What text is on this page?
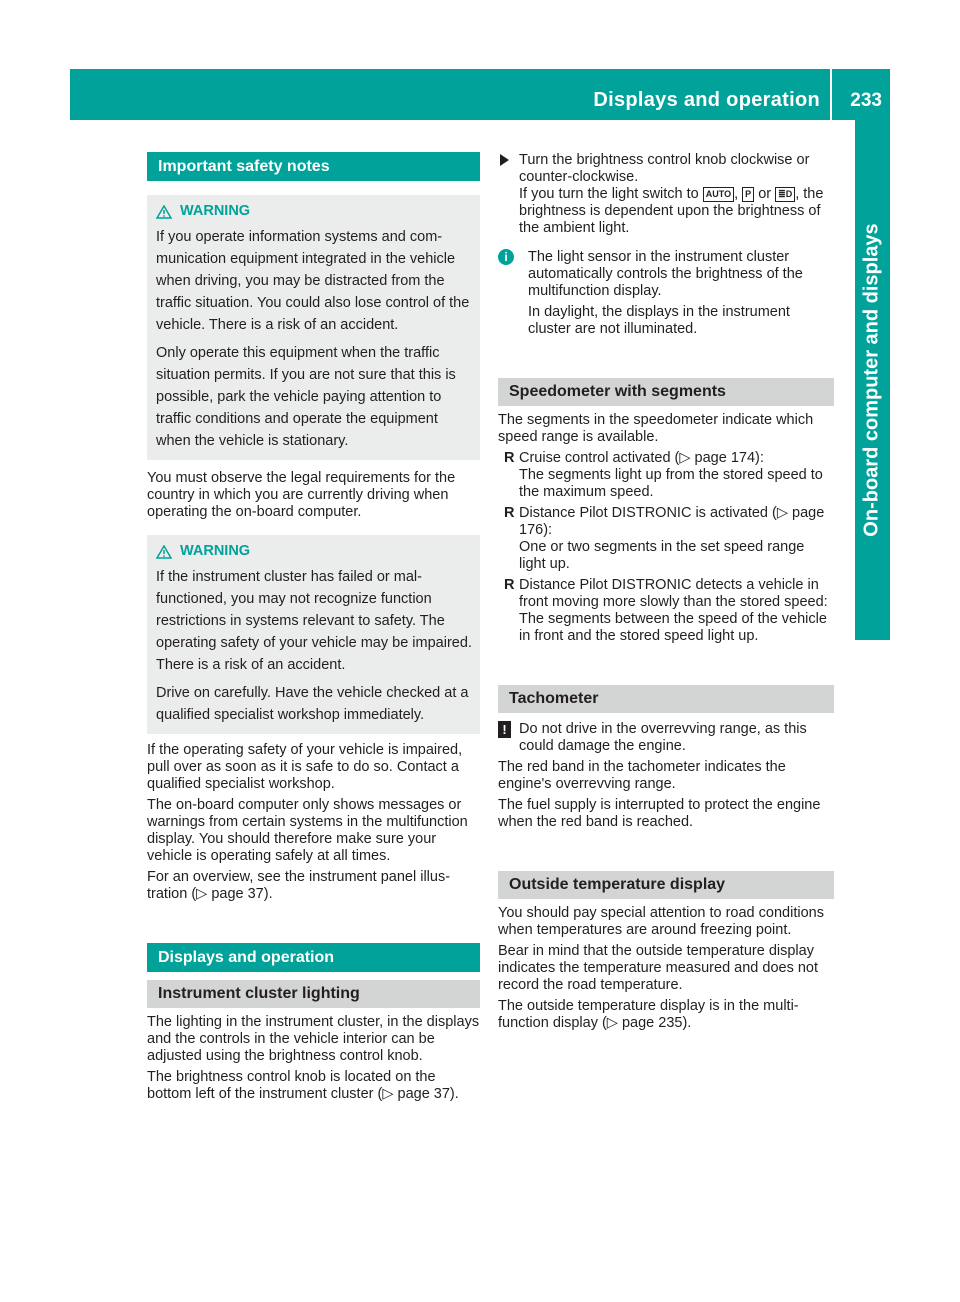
Displays and operation 233
On-board computer and displays
Important safety notes
WARNING

If you operate information systems and communication equipment integrated in the vehicle when driving, you may be distracted from the traffic situation. You could also lose control of the vehicle. There is a risk of an accident.

Only operate this equipment when the traffic situation permits. If you are not sure that this is possible, park the vehicle paying attention to traffic conditions and operate the equipment when the vehicle is stationary.

You must observe the legal requirements for the country in which you are currently driving when operating the on-board computer.

WARNING

If the instrument cluster has failed or malfunctioned, you may not recognize function restrictions in systems relevant to safety. The operating safety of your vehicle may be impaired. There is a risk of an accident.

Drive on carefully. Have the vehicle checked at a qualified specialist workshop immediately.

If the operating safety of your vehicle is impaired, pull over as soon as it is safe to do so. Contact a qualified specialist workshop.

The on-board computer only shows messages or warnings from certain systems in the multifunction display. You should therefore make sure your vehicle is operating safely at all times.

For an overview, see the instrument panel illustration (▷ page 37).

Displays and operation
Instrument cluster lighting

The lighting in the instrument cluster, in the displays and the controls in the vehicle interior can be adjusted using the brightness control knob.

The brightness control knob is located on the bottom left of the instrument cluster (▷ page 37).

Turn the brightness control knob clockwise or counter-clockwise.
If you turn the light switch to AUTO , P or ≣D , the brightness is dependent upon the brightness of the ambient light.
i	The light sensor in the instrument cluster automatically controls the brightness of the multifunction display.

In daylight, the displays in the instrument cluster are not illuminated.

Speedometer with segments

The segments in the speedometer indicate which speed range is available.

R Cruise control activated (▷ page 174):
The segments light up from the stored speed to the maximum speed.
R Distance Pilot DISTRONIC is activated (▷ page 176):
One or two segments in the set speed range light up.
R Distance Pilot DISTRONIC detects a vehicle in front moving more slowly than the stored speed:
The segments between the speed of the vehicle in front and the stored speed light up.
Tachometer
! Do not drive in the overrevving range, as this could damage the engine.

The red band in the tachometer indicates the engine's overrevving range.

The fuel supply is interrupted to protect the engine when the red band is reached.

Outside temperature display

You should pay special attention to road conditions when temperatures are around freezing point.

Bear in mind that the outside temperature display indicates the temperature measured and does not record the road temperature.

The outside temperature display is in the multifunction display (▷ page 235).
